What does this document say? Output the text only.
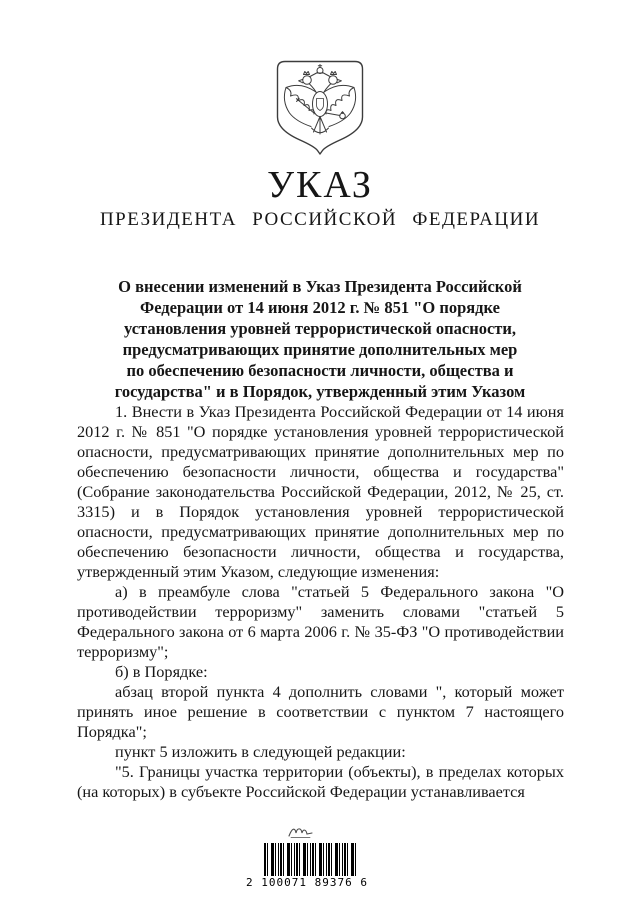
УКАЗ
ПРЕЗИДЕНТА РОССИЙСКОЙ ФЕДЕРАЦИИ
О внесении изменений в Указ Президента Российской
Федерации от 14 июня 2012 г. № 851 "О порядке
установления уровней террористической опасности,
предусматривающих принятие дополнительных мер
по обеспечению безопасности личности, общества и
государства" и в Порядок, утвержденный этим Указом

1. Внести в Указ Президента Российской Федерации от 14 июня 2012 г. № 851 "О порядке установления уровней террористической опасности, предусматривающих принятие дополнительных мер по обеспечению безопасности личности, общества и государства" (Собрание законодательства Российской Федерации, 2012, № 25, ст. 3315) и в Порядок установления уровней террористической опасности, предусматривающих принятие дополнительных мер по обеспечению безопасности личности, общества и государства, утвержденный этим Указом, следующие изменения:

а) в преамбуле слова "статьей 5 Федерального закона "О противодействии терроризму" заменить словами "статьей 5 Федерального закона от 6 марта 2006 г. № 35-ФЗ "О противодействии терроризму";

б) в Порядке:

абзац второй пункта 4 дополнить словами ", который может принять иное решение в соответствии с пунктом 7 настоящего Порядка";

пункт 5 изложить в следующей редакции:

"5. Границы участка территории (объекты), в пределах которых (на которых) в субъекте Российской Федерации устанавливается

2 100071 89376 6
